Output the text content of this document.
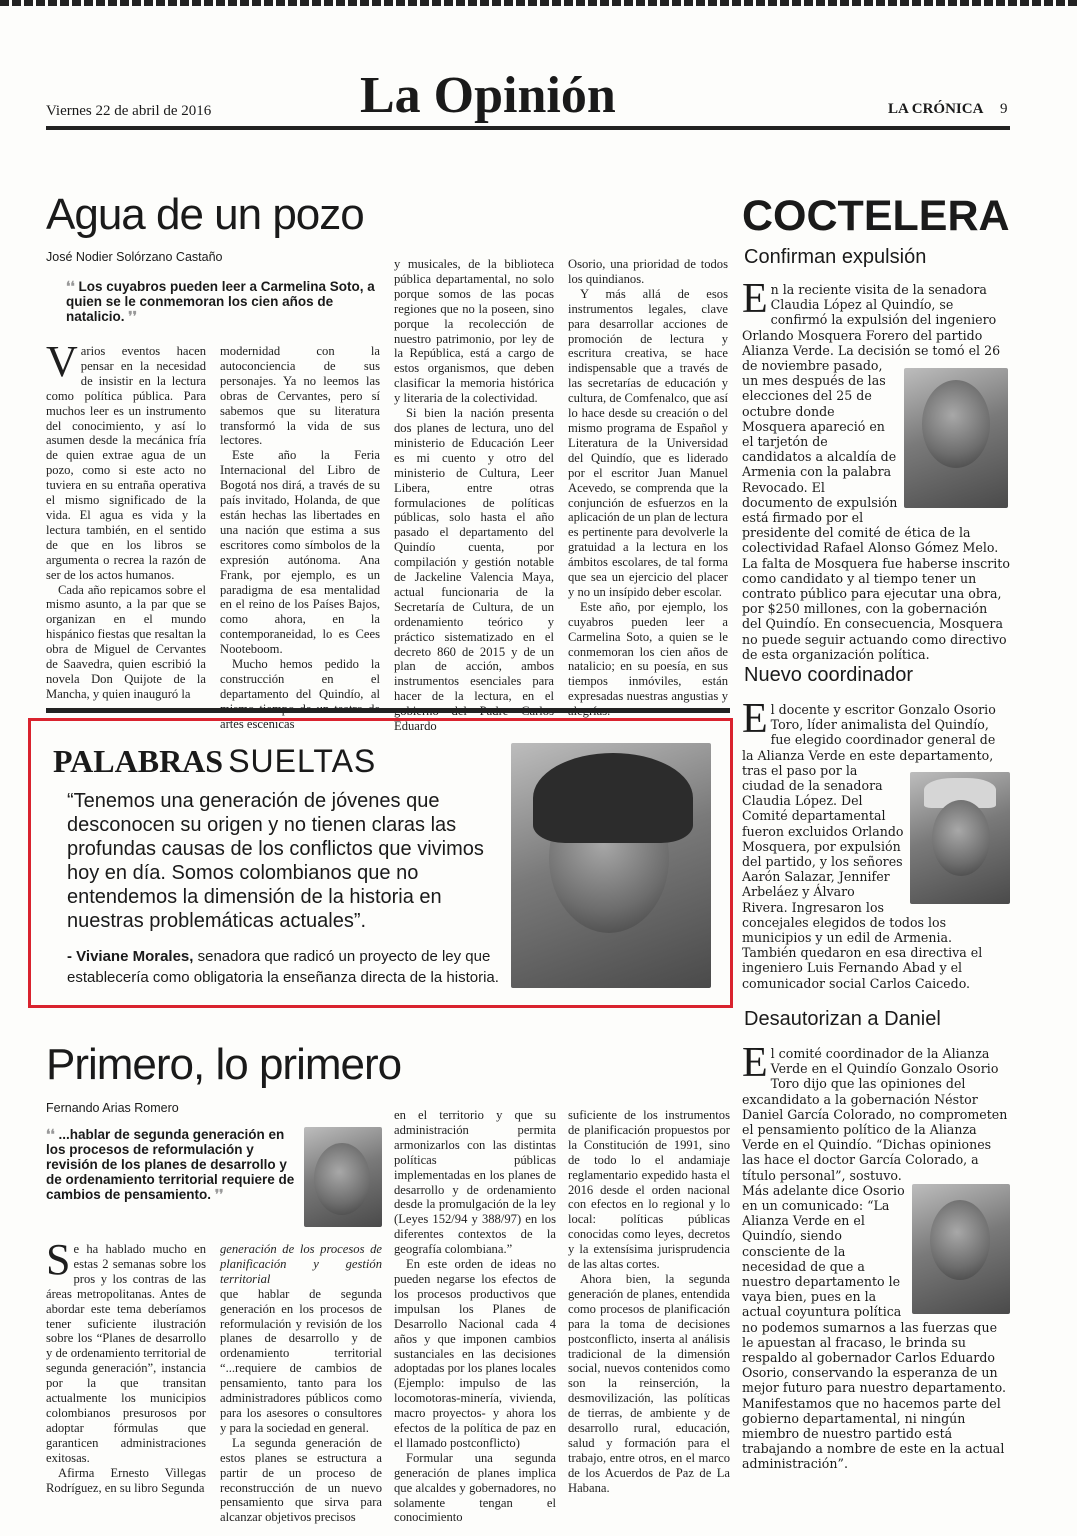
Viernes 22 de abril de 2016	La Opinión	LA CRÓNICA 9
Agua de un pozo
José Nodier Solórzano Castaño
❛❛ Los cuyabros pueden leer a Carmelina Soto, a quien se le conmemoran los cien años de natalicio. ❜❜

Varios eventos hacen pensar en la necesidad de insistir en la lectura como política pública. Para muchos leer es un instrumento del conocimiento, y así lo asumen desde la mecánica fría de quien extrae agua de un pozo, como si este acto no tuviera en su entraña operativa el mismo significado de la vida. El agua es vida y la lectura también, en el sentido de que en los libros se argumenta o recrea la razón de ser de los actos humanos.

Cada año repicamos sobre el mismo asunto, a la par que se organizan en el mundo hispánico fiestas que resaltan la obra de Miguel de Cervantes de Saavedra, quien escribió la novela Don Quijote de la Mancha, y quien inauguró la

modernidad con la autoconciencia de sus personajes. Ya no leemos las obras de Cervantes, pero sí sabemos que su literatura transformó la vida de sus lectores.

Este año la Feria Internacional del Libro de Bogotá nos dirá, a través de su país invitado, Holanda, de que están hechas las libertades en una nación que estima a sus escritores como símbolos de la expresión autónoma. Ana Frank, por ejemplo, es un paradigma de esa mentalidad en el reino de los Países Bajos, como ahora, en la contemporaneidad, lo es Cees Nooteboom.

Mucho hemos pedido la construcción en el departamento del Quindío, al artes escénicas

y musicales, de la biblioteca pública departamental, no solo porque somos de las pocas regiones que no la poseen, sino porque la recolección de nuestro patrimonio, por ley de la República, está a cargo de estos organismos, que deben clasificar la memoria histórica y literaria de la colectividad.

Si bien la nación presenta dos planes de lectura, uno del ministerio de Educación Leer es mi cuento y otro del ministerio de Cultura, Leer Libera, entre otras formulaciones de políticas públicas, solo hasta el año pasado el departamento del Quindío cuenta, por compilación y gestión notable de Jackeline Valencia Maya, actual funcionaria de la Secretaría de Cultura, de un ordenamiento teórico y práctico sistematizado en el decreto 860 de 2015 y de un plan de acción, ambos instrumentos esenciales para hacer de la lectura, en el Eduardo

Osorio, una prioridad de todos los quindianos.

Y más allá de esos instrumentos legales, clave para desarrollar acciones de promoción de lectura y escritura creativa, se hace indispensable que a través de las secretarías de educación y cultura, de Comfenalco, que así lo hace desde su creación o del mismo programa de Español y Literatura de la Universidad del Quindío, que es liderado por el escritor Juan Manuel Acevedo, se comprenda que la conjunción de esfuerzos en la aplicación de un plan de lectura es pertinente para devolverle la gratuidad a la lectura en los ámbitos escolares, de tal forma que sea un ejercicio del placer y no un insípido deber escolar.

Este año, por ejemplo, los cuyabros pueden leer a Carmelina Soto, a quien se le conmemoran los cien años de natalicio; en su poesía, en sus tiempos inmóviles, están expresadas nuestras angustias y

PALABRAS SUELTAS
“Tenemos una generación de jóvenes que desconocen su origen y no tienen claras las profundas causas de los conflictos que vivimos hoy en día. Somos colombianos que no entendemos la dimensión de la historia en nuestras problemáticas actuales”.
- Viviane Morales, senadora que radicó un proyecto de ley que establecería como obligatoria la enseñanza directa de la historia.
Primero, lo primero
Fernando Arias Romero
❛❛ ...hablar de segunda generación en los procesos de reformulación y revisión de los planes de desarrollo y de ordenamiento territorial requiere de cambios de pensamiento. ❜❜

Se ha hablado mucho en estas 2 semanas sobre los pros y los contras de las áreas metropolitanas. Antes de abordar este tema deberíamos tener suficiente ilustración sobre los “Planes de desarrollo y de ordenamiento territorial de segunda generación”, instancia por la que transitan actualmente los municipios colombianos presurosos por adoptar fórmulas que garanticen administraciones exitosas.

Afirma Ernesto Villegas Rodríguez, en su libro Segunda

generación de los procesos de planificación y gestión territorial

que hablar de segunda generación en los procesos de reformulación y revisión de los planes de desarrollo y de ordenamiento territorial “...requiere de cambios de pensamiento, tanto para los administradores públicos como para los asesores o consultores y para la sociedad en general.

La segunda generación de estos planes se estructura a partir de un proceso de reconstrucción de un nuevo pensamiento que sirva para alcanzar objetivos precisos

en el territorio y que su administración permita armonizarlos con las distintas políticas públicas implementadas en los planes de desarrollo y de ordenamiento desde la promulgación de la ley (Leyes 152/94 y 388/97) en los diferentes contextos de la geografía colombiana.”

En este orden de ideas no pueden negarse los efectos de los procesos productivos que impulsan los Planes de Desarrollo Nacional cada 4 años y que imponen cambios sustanciales en las decisiones adoptadas por los planes locales (Ejemplo: impulso de las locomotoras-minería, vivienda, macro proyectos- y ahora los efectos de la política de paz en el llamado postconflicto)

Formular una segunda generación de planes implica que alcaldes y gobernadores, no solamente tengan el conocimiento

suficiente de los instrumentos de planificación propuestos por la Constitución de 1991, sino de todo lo el andamiaje reglamentario expedido hasta el 2016 desde el orden nacional con efectos en lo regional y lo local: políticas públicas conocidas como leyes, decretos y la extensísima jurisprudencia de las altas cortes.

Ahora bien, la segunda generación de planes, entendida como procesos de planificación para la toma de decisiones postconflicto, inserta al análisis tradicional de la dimensión social, nuevos contenidos como son la reinserción, la desmovilización, las políticas de tierras, de ambiente y de desarrollo rural, educación, salud y formación para el trabajo, entre otros, en el marco de los Acuerdos de Paz de La Habana.

COCTELERA
Confirman expulsión
En la reciente visita de la senadora Claudia López al Quindío, se confirmó la expulsión del ingeniero Orlando Mosquera Forero del partido Alianza Verde. La decisión se tomó el 26 de noviembre pasado, un mes después de las elecciones del 25 de octubre donde Mosquera apareció en el tarjetón de candidatos a alcaldía de Armenia con la palabra Revocado. El documento de expulsión está firmado por el presidente del comité de ética de la colectividad Rafael Alonso Gómez Melo. La falta de Mosquera fue haberse inscrito como candidato y al tiempo tener un contrato público para ejecutar una obra, por $250 millones, con la gobernación del Quindío. En consecuencia, Mosquera no puede seguir actuando como directivo de esta organización política.
Nuevo coordinador
El docente y escritor Gonzalo Osorio Toro, líder animalista del Quindío, fue elegido coordinador general de la Alianza Verde en este departamento, tras el paso por la ciudad de la senadora Claudia López. Del Comité departamental fueron excluidos Orlando Mosquera, por expulsión del partido, y los señores Aarón Salazar, Jennifer Arbeláez y Álvaro Rivera. Ingresaron los concejales elegidos de todos los municipios y un edil de Armenia. También quedaron en esa directiva el ingeniero Luis Fernando Abad y el comunicador social Carlos Caicedo.
Desautorizan a Daniel
El comité coordinador de la Alianza Verde en el Quindío Gonzalo Osorio Toro dijo que las opiniones del excandidato a la gobernación Néstor Daniel García Colorado, no comprometen el pensamiento político de la Alianza Verde en el Quindío. “Dichas opiniones las hace el doctor García Colorado, a título personal”, sostuvo. Más adelante dice Osorio en un comunicado: “La Alianza Verde en el Quindío, siendo consciente de la necesidad de que a nuestro departamento le vaya bien, pues en la actual coyuntura política no podemos sumarnos a las fuerzas que le apuestan al fracaso, le brinda su respaldo al gobernador Carlos Eduardo Osorio, conservando la esperanza de un mejor futuro para nuestro departamento. Manifestamos que no hacemos parte del gobierno departamental, ni ningún miembro de nuestro partido está trabajando a nombre de este en la actual administración”.
